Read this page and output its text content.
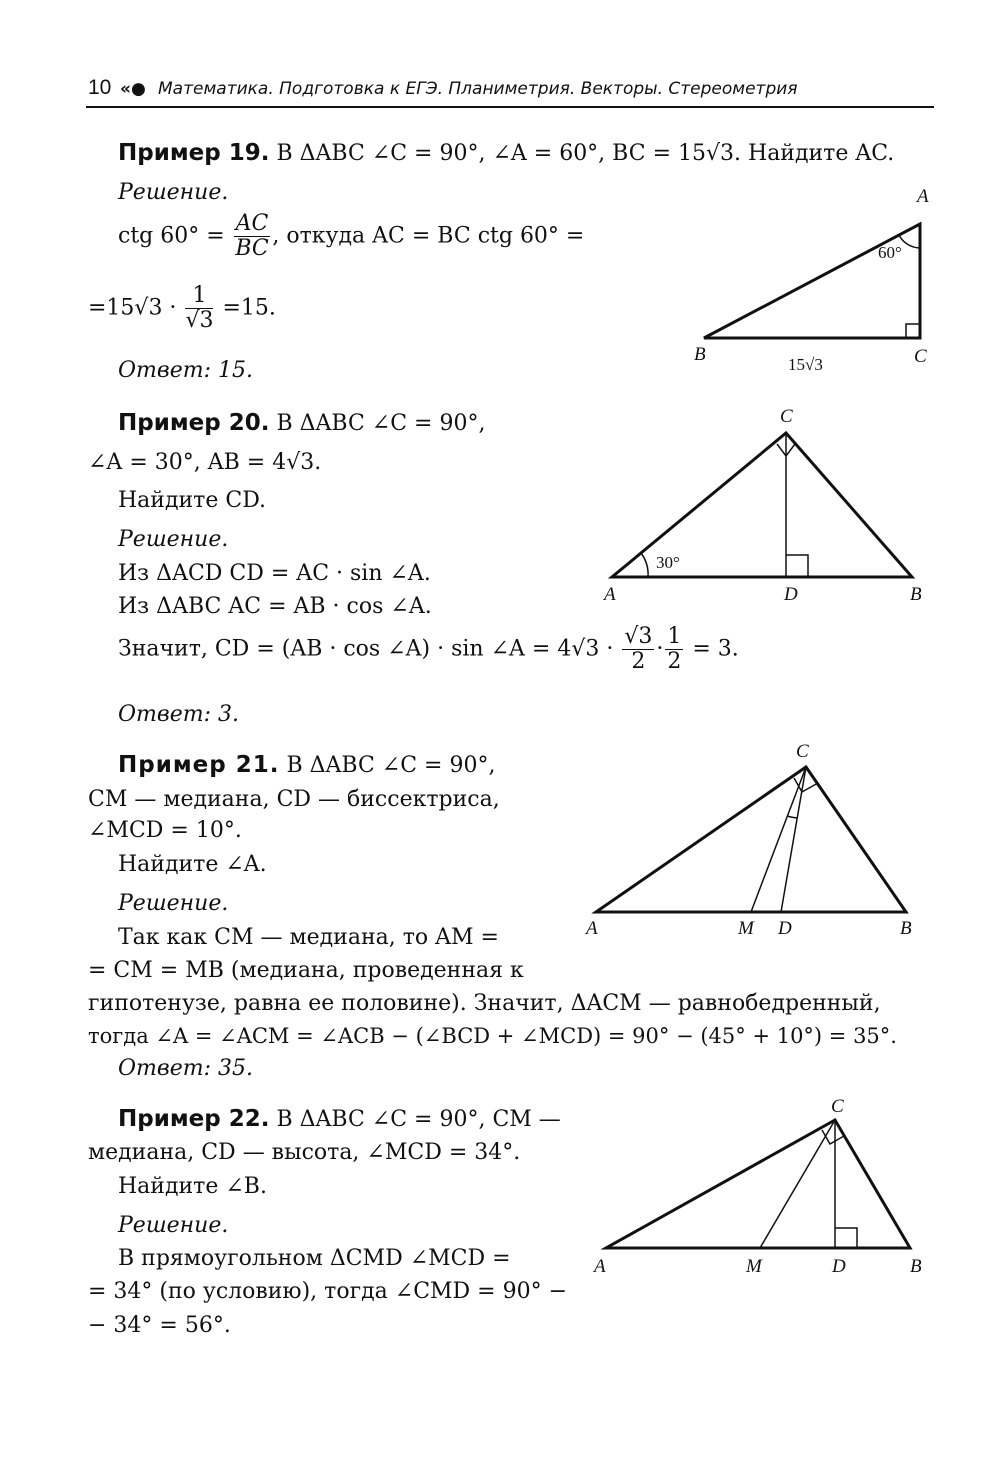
10 «● Математика. Подготовка к ЕГЭ. Планиметрия. Векторы. Стереометрия
Пример 19. В ΔABC ∠C = 90°, ∠A = 60°, BC = 15√3. Найдите AC.
Решение.
ctg $60^\circ = \frac{AC}{BC}$ , откуда AC = BC ctg 60° =
$=15√3 \cdot \frac{1}{√3} =15$.
Ответ: 15.
A
B	C
60°
15√3
Пример 20. В ΔABC ∠C = 90°,
∠A = 30°, AB = 4√3.
Найдите CD.
Решение.
Из ΔACD CD = AC · sin ∠A.
Из ΔABC AC = AB · cos ∠A.
Значит, CD = (AB · cos ∠A) · sin ∠A = $4√3 \cdot \frac{√3}{2} \cdot \frac{1}{2} = 3$.
Ответ: 3.
C
A	D	B
30°
Пример 21. В ΔABC ∠C = 90°,
CM — медиана, CD — биссектриса,
∠MCD = 10°.
Найдите ∠A.
Решение.
Так как CM — медиана, то AM =
= CM = MB (медиана, проведенная к
гипотенузе, равна ее половине). Значит, ΔACM — равнобедренный,
тогда ∠A = ∠ACM = ∠ACB − (∠BCD + ∠MCD) = 90° − (45° + 10°) = 35°.
Ответ: 35.
C
A	M D	B
Пример 22. В ΔABC ∠C = 90°, CM —
медиана, CD — высота, ∠MCD = 34°.
Найдите ∠B.
Решение.
В прямоугольном ΔCMD ∠MCD =
= 34° (по условию), тогда ∠CMD = 90° −
− 34° = 56°.
C
A	M	D	B
